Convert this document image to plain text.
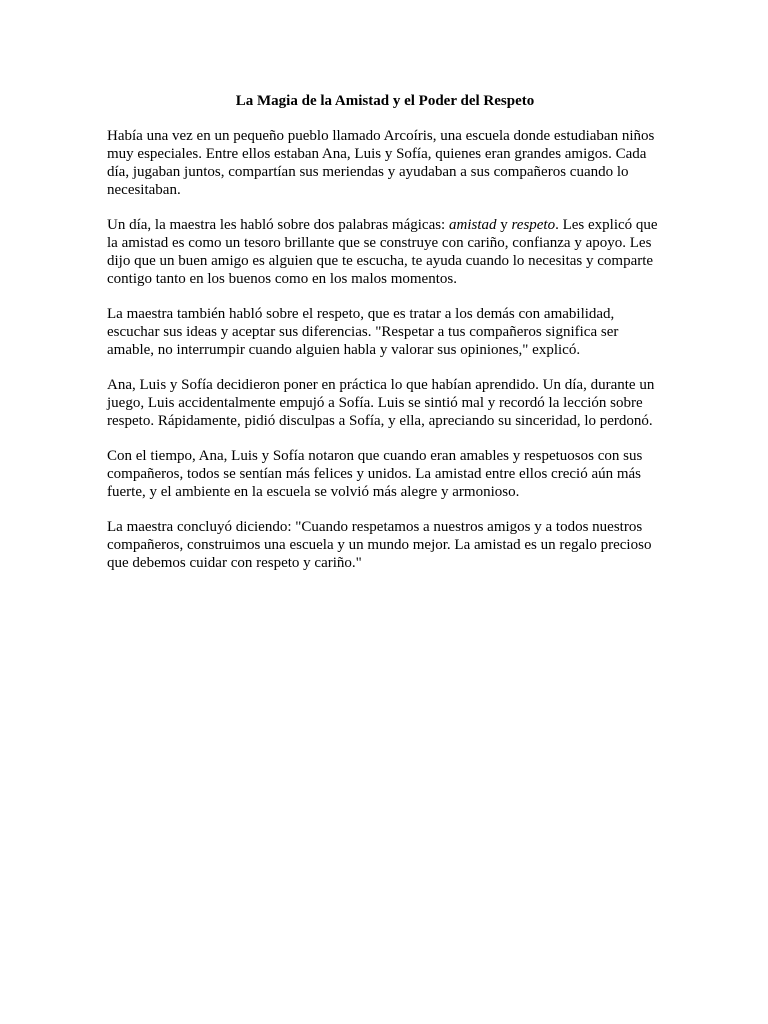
La Magia de la Amistad y el Poder del Respeto

Había una vez en un pequeño pueblo llamado Arcoíris, una escuela donde estudiaban niños muy especiales. Entre ellos estaban Ana, Luis y Sofía, quienes eran grandes amigos. Cada día, jugaban juntos, compartían sus meriendas y ayudaban a sus compañeros cuando lo necesitaban.

Un día, la maestra les habló sobre dos palabras mágicas: amistad y respeto. Les explicó que la amistad es como un tesoro brillante que se construye con cariño, confianza y apoyo. Les dijo que un buen amigo es alguien que te escucha, te ayuda cuando lo necesitas y comparte contigo tanto en los buenos como en los malos momentos.

La maestra también habló sobre el respeto, que es tratar a los demás con amabilidad, escuchar sus ideas y aceptar sus diferencias. "Respetar a tus compañeros significa ser amable, no interrumpir cuando alguien habla y valorar sus opiniones," explicó.

Ana, Luis y Sofía decidieron poner en práctica lo que habían aprendido. Un día, durante un juego, Luis accidentalmente empujó a Sofía. Luis se sintió mal y recordó la lección sobre respeto. Rápidamente, pidió disculpas a Sofía, y ella, apreciando su sinceridad, lo perdonó.

Con el tiempo, Ana, Luis y Sofía notaron que cuando eran amables y respetuosos con sus compañeros, todos se sentían más felices y unidos. La amistad entre ellos creció aún más fuerte, y el ambiente en la escuela se volvió más alegre y armonioso.

La maestra concluyó diciendo: "Cuando respetamos a nuestros amigos y a todos nuestros compañeros, construimos una escuela y un mundo mejor. La amistad es un regalo precioso que debemos cuidar con respeto y cariño."
